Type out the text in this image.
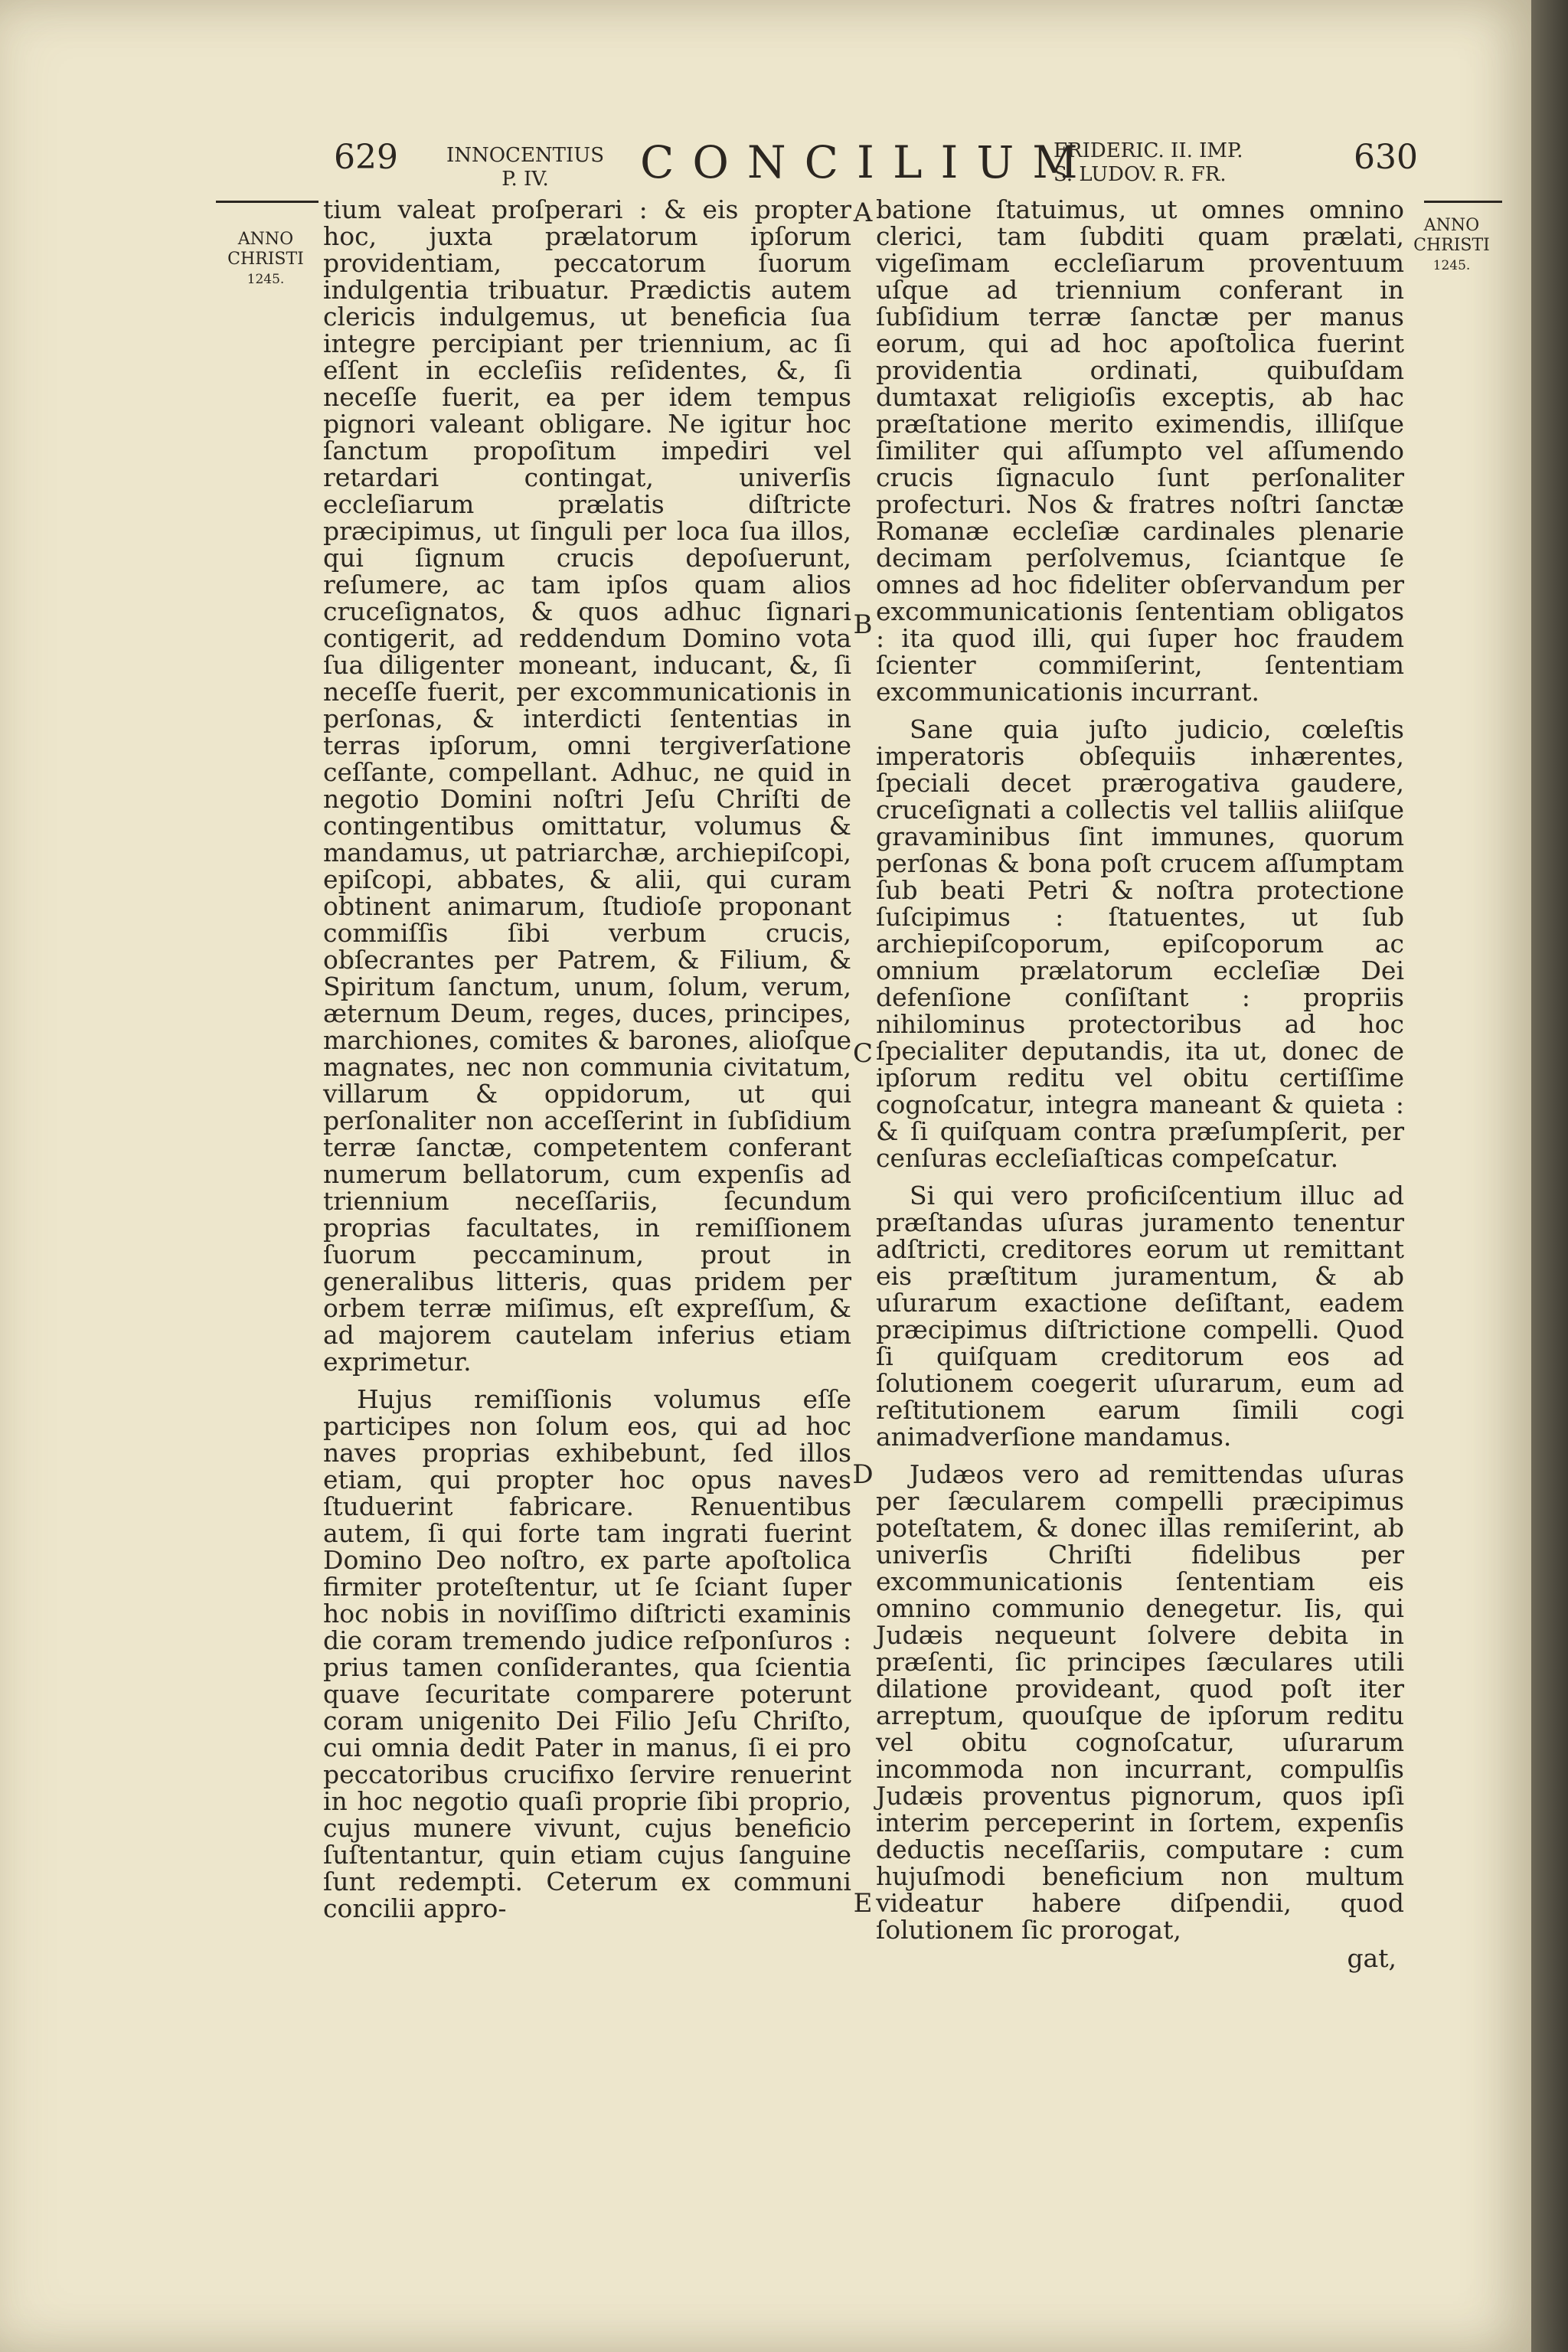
629	INNOCENTIUS
P. IV.	CONCILIUM
FRIDERIC. II. IMP.
S. LUDOV. R. FR.	630
ANNO
CHRISTI
1245.
ANNO
CHRISTI
1245.
A
B
C
D
E

tium valeat proſperari : & eis propter hoc, juxta prælatorum ipſorum providentiam, peccatorum ſuorum indulgentia tribuatur. Prædictis autem clericis indulgemus, ut beneficia ſua integre percipiant per triennium, ac ſi eſſent in eccleſiis reſidentes, &, ſi neceſſe fuerit, ea per idem tempus pignori valeant obligare. Ne igitur hoc ſanctum propoſitum impediri vel retardari contingat, univerſis eccleſiarum prælatis diſtricte præcipimus, ut ſinguli per loca ſua illos, qui ſignum crucis depoſuerunt, reſumere, ac tam ipſos quam alios cruceſignatos, & quos adhuc ſignari contigerit, ad reddendum Domino vota ſua diligenter moneant, inducant, &, ſi neceſſe fuerit, per excommunicationis in perſonas, & interdicti ſententias in terras ipſorum, omni tergiverſatione ceſſante, compellant. Adhuc, ne quid in negotio Domini noſtri Jeſu Chriſti de contingentibus omittatur, volumus & mandamus, ut patriarchæ, archiepiſcopi, epiſcopi, abbates, & alii, qui curam obtinent animarum, ſtudioſe proponant commiſſis ſibi verbum crucis, obſecrantes per Patrem, & Filium, & Spiritum ſanctum, unum, ſolum, verum, æternum Deum, reges, duces, principes, marchiones, comites & barones, alioſque magnates, nec non communia civitatum, villarum & oppidorum, ut qui perſonaliter non acceſſerint in ſubſidium terræ ſanctæ, competentem conferant numerum bellatorum, cum expenſis ad triennium neceſſariis, ſecundum proprias facultates, in remiſſionem ſuorum peccaminum, prout in generalibus litteris, quas pridem per orbem terræ miſimus, eſt expreſſum, & ad majorem cautelam inferius etiam exprimetur.

Hujus remiſſionis volumus eſſe participes non ſolum eos, qui ad hoc naves proprias exhibebunt, ſed illos etiam, qui propter hoc opus naves ſtuduerint fabricare. Renuentibus autem, ſi qui forte tam ingrati fuerint Domino Deo noſtro, ex parte apoſtolica firmiter proteſtentur, ut ſe ſciant ſuper hoc nobis in noviſſimo diſtricti examinis die coram tremendo judice reſponſuros : prius tamen conſiderantes, qua ſcientia quave ſecuritate comparere poterunt coram unigenito Dei Filio Jeſu Chriſto, cui omnia dedit Pater in manus, ſi ei pro peccatoribus crucifixo ſervire renuerint in hoc negotio quaſi proprie ſibi proprio, cujus munere vivunt, cujus beneficio ſuſtentantur, quin etiam cujus ſanguine ſunt redempti. Ceterum ex communi concilii appro-

batione ſtatuimus, ut omnes omnino clerici, tam ſubditi quam prælati, vigeſimam eccleſiarum proventuum uſque ad triennium conferant in ſubſidium terræ ſanctæ per manus eorum, qui ad hoc apoſtolica fuerint providentia ordinati, quibuſdam dumtaxat religioſis exceptis, ab hac præſtatione merito eximendis, illiſque ſimiliter qui aſſumpto vel aſſumendo crucis ſignaculo ſunt perſonaliter profecturi. Nos & fratres noſtri ſanctæ Romanæ eccleſiæ cardinales plenarie decimam perſolvemus, ſciantque ſe omnes ad hoc fideliter obſervandum per excommunicationis ſententiam obligatos : ita quod illi, qui ſuper hoc fraudem ſcienter commiſerint, ſententiam excommunicationis incurrant.

Sane quia juſto judicio, cœleſtis imperatoris obſequiis inhærentes, ſpeciali decet prærogativa gaudere, cruceſignati a collectis vel talliis aliiſque gravaminibus ſint immunes, quorum perſonas & bona poſt crucem aſſumptam ſub beati Petri & noſtra protectione ſuſcipimus : ſtatuentes, ut ſub archiepiſcoporum, epiſcoporum ac omnium prælatorum eccleſiæ Dei defenſione conſiſtant : propriis nihilominus protectoribus ad hoc ſpecialiter deputandis, ita ut, donec de ipſorum reditu vel obitu certiſſime cognoſcatur, integra maneant & quieta : & ſi quiſquam contra præſumpſerit, per cenſuras eccleſiaſticas compeſcatur.

Si qui vero proficiſcentium illuc ad præſtandas uſuras juramento tenentur adſtricti, creditores eorum ut remittant eis præſtitum juramentum, & ab uſurarum exactione deſiſtant, eadem præcipimus diſtrictione compelli. Quod ſi quiſquam creditorum eos ad ſolutionem coegerit uſurarum, eum ad reſtitutionem earum ſimili cogi animadverſione mandamus.

Judæos vero ad remittendas uſuras per ſæcularem compelli præcipimus poteſtatem, & donec illas remiſerint, ab univerſis Chriſti fidelibus per excommunicationis ſententiam eis omnino communio denegetur. Iis, qui Judæis nequeunt ſolvere debita in præſenti, ſic principes ſæculares utili dilatione provideant, quod poſt iter arreptum, quouſque de ipſorum reditu vel obitu cognoſcatur, uſurarum incommoda non incurrant, compulſis Judæis proventus pignorum, quos ipſi interim perceperint in ſortem, expenſis deductis neceſſariis, computare : cum hujuſmodi beneficium non multum videatur habere diſpendii, quod ſolutionem ſic prorogat,

gat,
